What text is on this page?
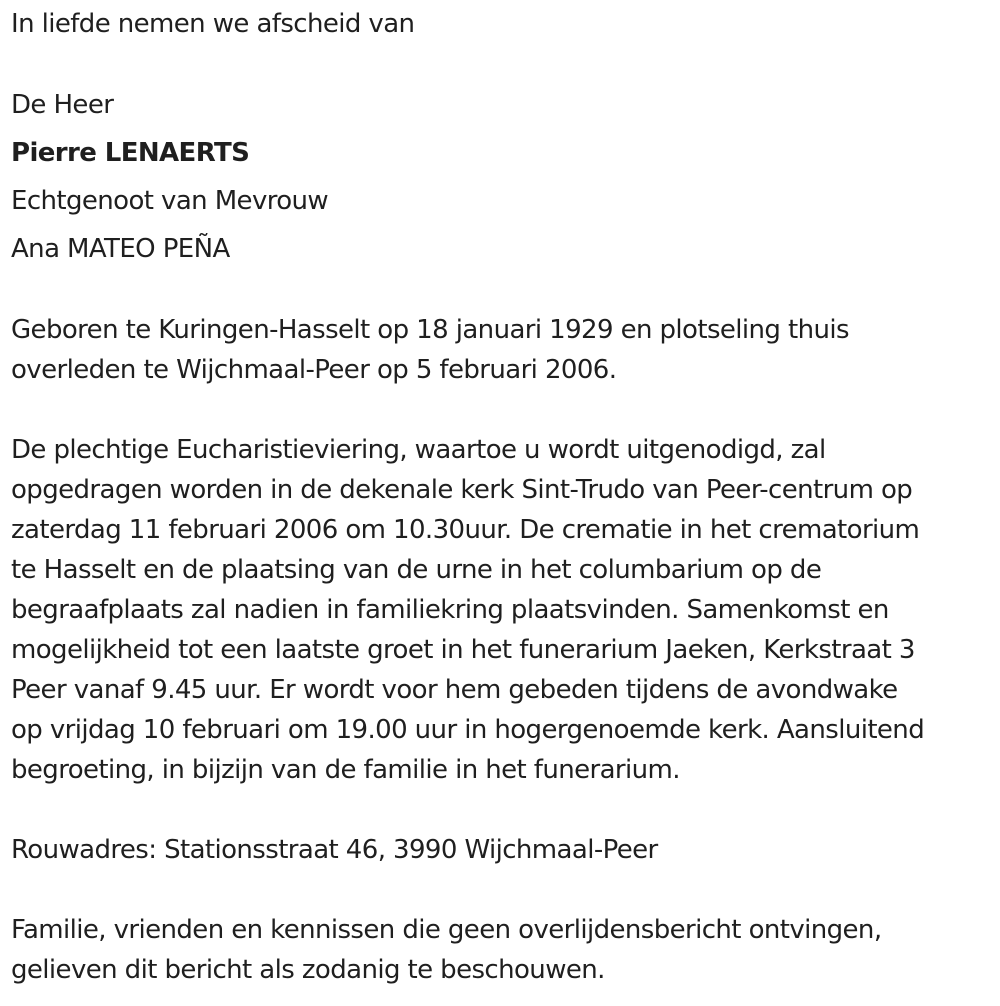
In liefde nemen we afscheid van

De Heer

Pierre LENAERTS

Echtgenoot van Mevrouw

Ana MATEO PEÑA

Geboren te Kuringen-Hasselt op 18 januari 1929 en plotseling thuis
overleden te Wijchmaal-Peer op 5 februari 2006.
De plechtige Eucharistieviering, waartoe u wordt uitgenodigd, zal
opgedragen worden in de dekenale kerk Sint-Trudo van Peer-centrum op
zaterdag 11 februari 2006 om 10.30uur. De crematie in het crematorium
te Hasselt en de plaatsing van de urne in het columbarium op de
begraafplaats zal nadien in familiekring plaatsvinden. Samenkomst en
mogelijkheid tot een laatste groet in het funerarium Jaeken, Kerkstraat 3
Peer vanaf 9.45 uur. Er wordt voor hem gebeden tijdens de avondwake
op vrijdag 10 februari om 19.00 uur in hogergenoemde kerk. Aansluitend
begroeting, in bijzijn van de familie in het funerarium.

Rouwadres: Stationsstraat 46, 3990 Wijchmaal-Peer

Familie, vrienden en kennissen die geen overlijdensbericht ontvingen,
gelieven dit bericht als zodanig te beschouwen.
